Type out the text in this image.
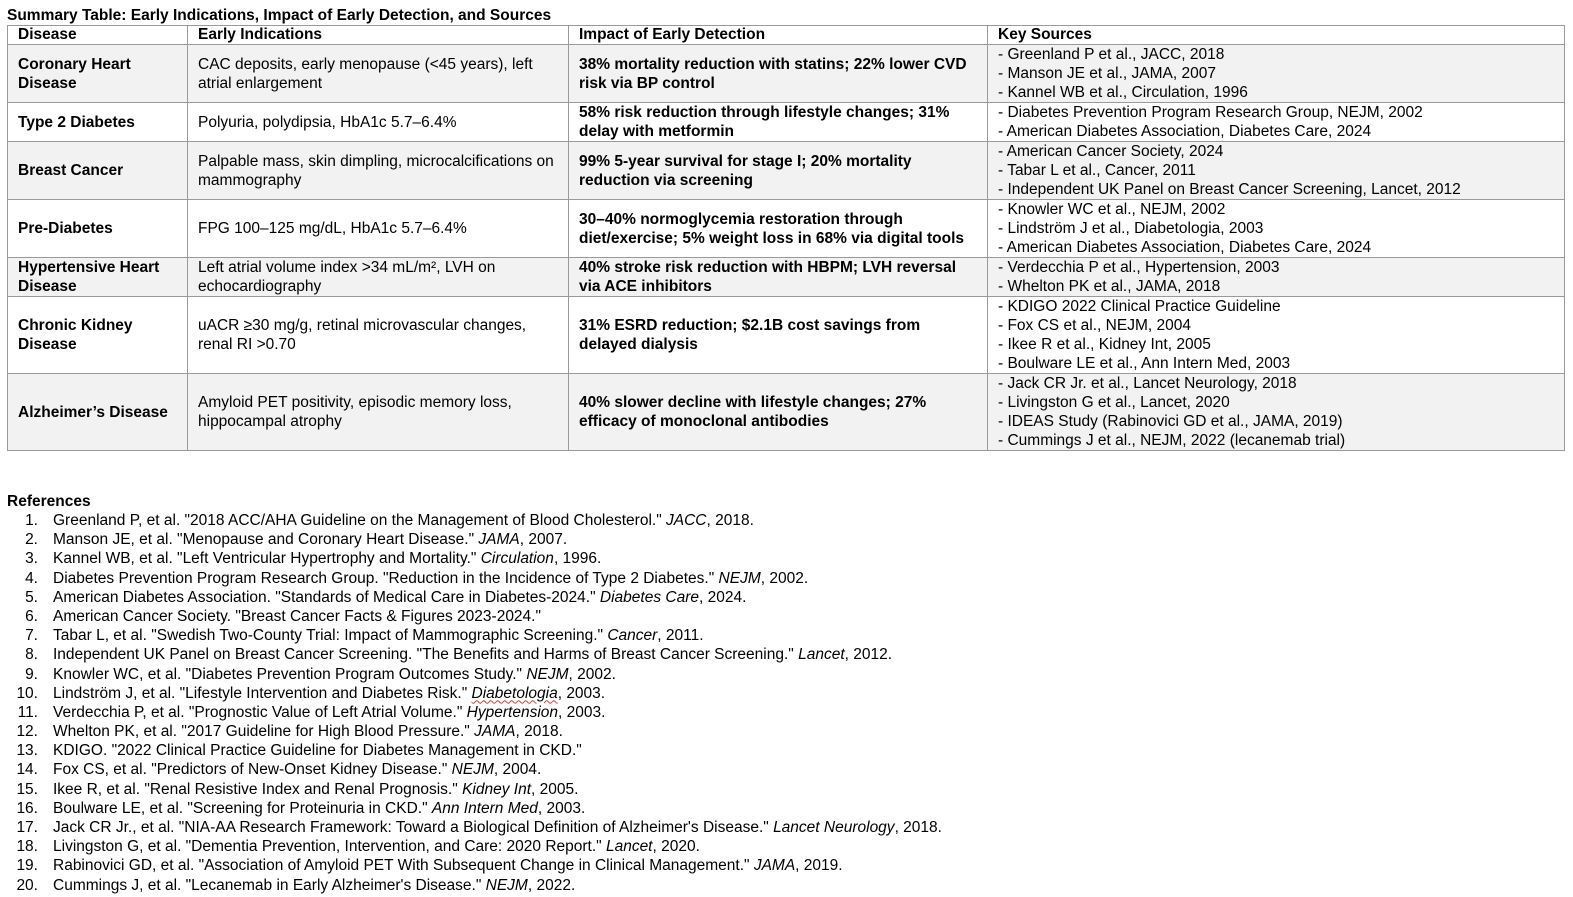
Summary Table: Early Indications, Impact of Early Detection, and Sources
Disease	Early Indications	Impact of Early Detection	Key Sources
Coronary Heart Disease	CAC deposits, early menopause (<45 years), left atrial enlargement	38% mortality reduction with statins; 22% lower CVD risk via BP control	- Greenland P et al., JACC, 2018
- Manson JE et al., JAMA, 2007
- Kannel WB et al., Circulation, 1996

Type 2 Diabetes	Polyuria, polydipsia, HbA1c 5.7–6.4%	58% risk reduction through lifestyle changes; 31% delay with metformin	- Diabetes Prevention Program Research Group, NEJM, 2002
- American Diabetes Association, Diabetes Care, 2024

Breast Cancer	Palpable mass, skin dimpling, microcalcifications on mammography	99% 5-year survival for stage I; 20% mortality reduction via screening	- American Cancer Society, 2024
- Tabar L et al., Cancer, 2011
- Independent UK Panel on Breast Cancer Screening, Lancet, 2012

Pre-Diabetes	FPG 100–125 mg/dL, HbA1c 5.7–6.4%	30–40% normoglycemia restoration through diet/exercise; 5% weight loss in 68% via digital tools	- Knowler WC et al., NEJM, 2002
- Lindström J et al., Diabetologia, 2003
- American Diabetes Association, Diabetes Care, 2024

Hypertensive Heart Disease	Left atrial volume index >34 mL/m², LVH on echocardiography	40% stroke risk reduction with HBPM; LVH reversal via ACE inhibitors	- Verdecchia P et al., Hypertension, 2003
- Whelton PK et al., JAMA, 2018

Chronic Kidney Disease	uACR ≥30 mg/g, retinal microvascular changes, renal RI >0.70	31% ESRD reduction; $2.1B cost savings from delayed dialysis	- KDIGO 2022 Clinical Practice Guideline
- Fox CS et al., NEJM, 2004
- Ikee R et al., Kidney Int, 2005
- Boulware LE et al., Ann Intern Med, 2003

Alzheimer’s Disease	Amyloid PET positivity, episodic memory loss, hippocampal atrophy	40% slower decline with lifestyle changes; 27% efficacy of monoclonal antibodies	- Jack CR Jr. et al., Lancet Neurology, 2018
- Livingston G et al., Lancet, 2020
- IDEAS Study (Rabinovici GD et al., JAMA, 2019)
- Cummings J et al., NEJM, 2022 (lecanemab trial)
References
1. Greenland P, et al. "2018 ACC/AHA Guideline on the Management of Blood Cholesterol." JACC, 2018.
2. Manson JE, et al. "Menopause and Coronary Heart Disease." JAMA, 2007.
3. Kannel WB, et al. "Left Ventricular Hypertrophy and Mortality." Circulation, 1996.
4. Diabetes Prevention Program Research Group. "Reduction in the Incidence of Type 2 Diabetes." NEJM, 2002.
5. American Diabetes Association. "Standards of Medical Care in Diabetes-2024." Diabetes Care, 2024.
6. American Cancer Society. "Breast Cancer Facts & Figures 2023-2024."
7. Tabar L, et al. "Swedish Two-County Trial: Impact of Mammographic Screening." Cancer, 2011.
8. Independent UK Panel on Breast Cancer Screening. "The Benefits and Harms of Breast Cancer Screening." Lancet, 2012.
9. Knowler WC, et al. "Diabetes Prevention Program Outcomes Study." NEJM, 2002.
10. Lindström J, et al. "Lifestyle Intervention and Diabetes Risk." Diabetologia, 2003.
11. Verdecchia P, et al. "Prognostic Value of Left Atrial Volume." Hypertension, 2003.
12. Whelton PK, et al. "2017 Guideline for High Blood Pressure." JAMA, 2018.
13. KDIGO. "2022 Clinical Practice Guideline for Diabetes Management in CKD."
14. Fox CS, et al. "Predictors of New-Onset Kidney Disease." NEJM, 2004.
15. Ikee R, et al. "Renal Resistive Index and Renal Prognosis." Kidney Int, 2005.
16. Boulware LE, et al. "Screening for Proteinuria in CKD." Ann Intern Med, 2003.
17. Jack CR Jr., et al. "NIA-AA Research Framework: Toward a Biological Definition of Alzheimer's Disease." Lancet Neurology, 2018.
18. Livingston G, et al. "Dementia Prevention, Intervention, and Care: 2020 Report." Lancet, 2020.
19. Rabinovici GD, et al. "Association of Amyloid PET With Subsequent Change in Clinical Management." JAMA, 2019.
20. Cummings J, et al. "Lecanemab in Early Alzheimer's Disease." NEJM, 2022.
